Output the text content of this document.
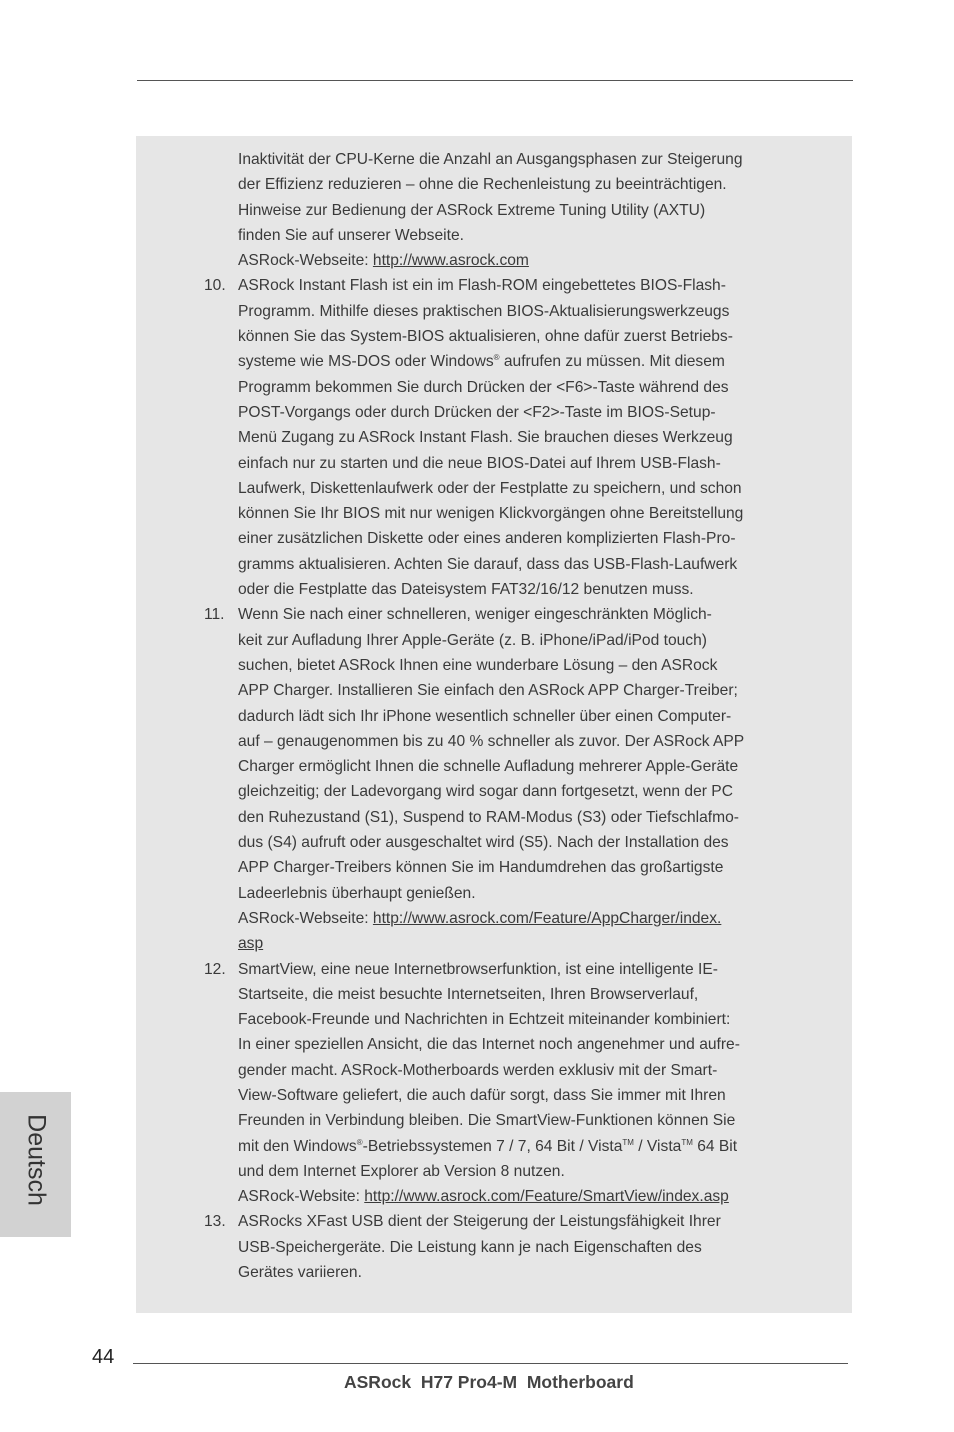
Deutsch

Inaktivität der CPU-Kerne die Anzahl an Ausgangsphasen zur Steigerung

der Effizienz reduzieren – ohne die Rechenleistung zu beeinträchtigen.

Hinweise zur Bedienung der ASRock Extreme Tuning Utility (AXTU)

finden Sie auf unserer Webseite.

ASRock-Webseite: http://www.asrock.com

10. ASRock Instant Flash ist ein im Flash-ROM eingebettetes BIOS-Flash-

Programm. Mithilfe dieses praktischen BIOS-Aktualisierungswerkzeugs

können Sie das System-BIOS aktualisieren, ohne dafür zuerst Betriebs-

systeme wie MS-DOS oder Windows® aufrufen zu müssen. Mit diesem

Programm bekommen Sie durch Drücken der <F6>-Taste während des

POST-Vorgangs oder durch Drücken der <F2>-Taste im BIOS-Setup-

Menü Zugang zu ASRock Instant Flash. Sie brauchen dieses Werkzeug

einfach nur zu starten und die neue BIOS-Datei auf Ihrem USB-Flash-

Laufwerk, Diskettenlaufwerk oder der Festplatte zu speichern, und schon

können Sie Ihr BIOS mit nur wenigen Klickvorgängen ohne Bereitstellung

einer zusätzlichen Diskette oder eines anderen komplizierten Flash-Pro-

gramms aktualisieren. Achten Sie darauf, dass das USB-Flash-Laufwerk

oder die Festplatte das Dateisystem FAT32/16/12 benutzen muss.

11. Wenn Sie nach einer schnelleren, weniger eingeschränkten Möglich-

keit zur Aufladung Ihrer Apple-Geräte (z. B. iPhone/iPad/iPod touch)

suchen, bietet ASRock Ihnen eine wunderbare Lösung – den ASRock

APP Charger. Installieren Sie einfach den ASRock APP Charger-Treiber;

dadurch lädt sich Ihr iPhone wesentlich schneller über einen Computer-

auf – genaugenommen bis zu 40 % schneller als zuvor. Der ASRock APP

Charger ermöglicht Ihnen die schnelle Aufladung mehrerer Apple-Geräte

gleichzeitig; der Ladevorgang wird sogar dann fortgesetzt, wenn der PC

den Ruhezustand (S1), Suspend to RAM-Modus (S3) oder Tiefschlafmo-

dus (S4) aufruft oder ausgeschaltet wird (S5). Nach der Installation des

APP Charger-Treibers können Sie im Handumdrehen das großartigste

Ladeerlebnis überhaupt genießen.

ASRock-Webseite: http://www.asrock.com/Feature/AppCharger/index.

asp

12. SmartView, eine neue Internetbrowserfunktion, ist eine intelligente IE-

Startseite, die meist besuchte Internetseiten, Ihren Browserverlauf,

Facebook-Freunde und Nachrichten in Echtzeit miteinander kombiniert:

In einer speziellen Ansicht, die das Internet noch angenehmer und aufre-

gender macht. ASRock-Motherboards werden exklusiv mit der Smart-

View-Software geliefert, die auch dafür sorgt, dass Sie immer mit Ihren

Freunden in Verbindung bleiben. Die SmartView-Funktionen können Sie

mit den Windows®-Betriebssystemen 7 / 7, 64 Bit / Vista™ / Vista™ 64 Bit

und dem Internet Explorer ab Version 8 nutzen.

ASRock-Website: http://www.asrock.com/Feature/SmartView/index.asp

13. ASRocks XFast USB dient der Steigerung der Leistungsfähigkeit Ihrer

USB-Speichergeräte. Die Leistung kann je nach Eigenschaften des

Gerätes variieren.

44
ASRock  H77 Pro4-M  Motherboard
